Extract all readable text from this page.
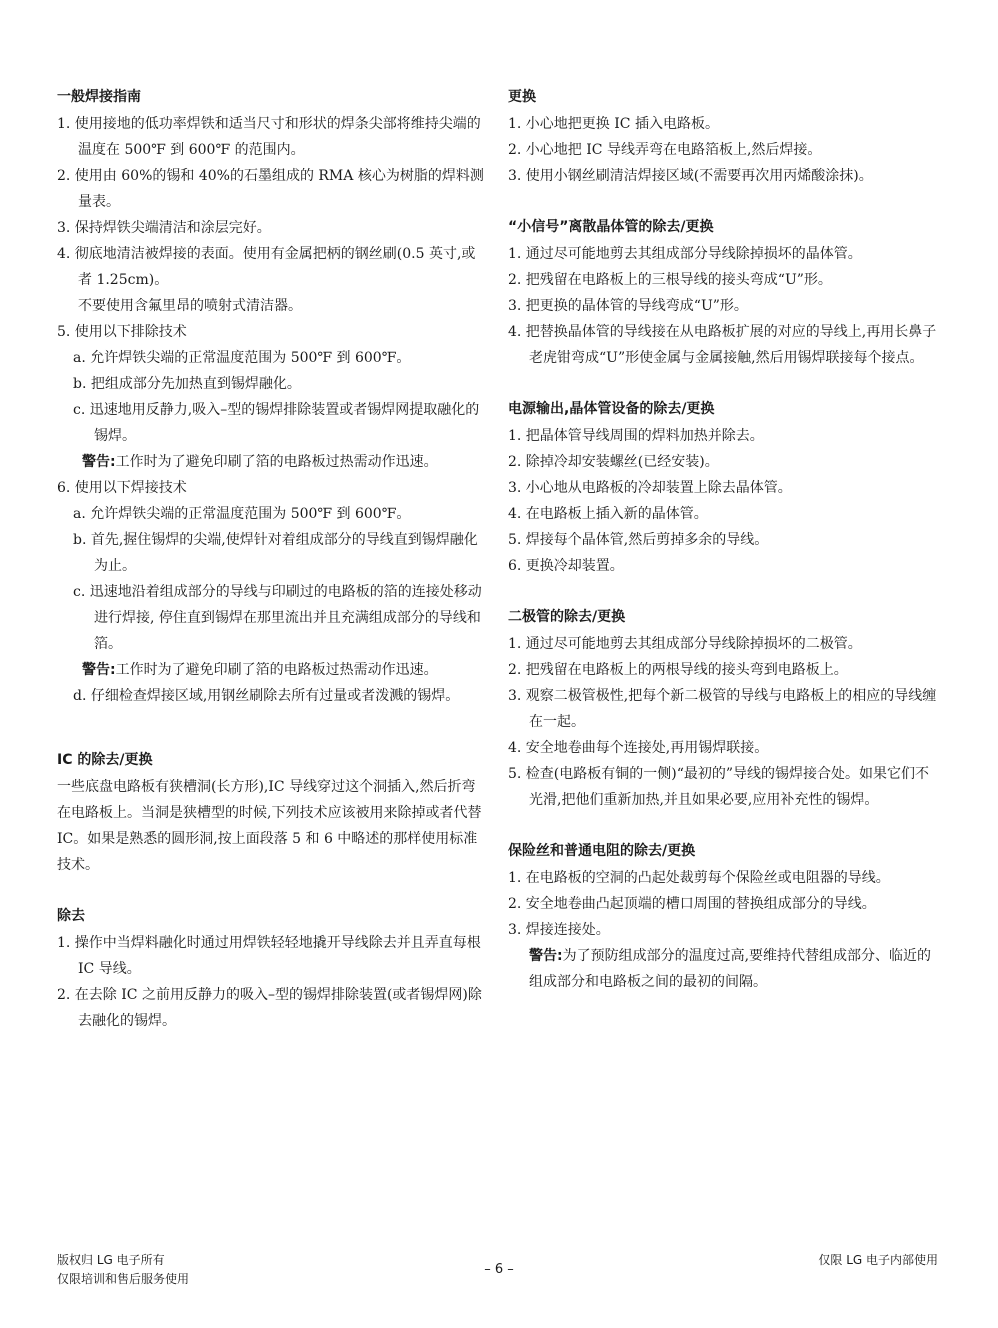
一般焊接指南

1. 使用接地的低功率焊铁和适当尺寸和形状的焊条尖部将维持尖端的温度在 500℉ 到 600℉ 的范围内。

2. 使用由 60%的锡和 40%的石墨组成的 RMA 核心为树脂的焊料测量表。

3. 保持焊铁尖端清洁和涂层完好。

4. 彻底地清洁被焊接的表面。使用有金属把柄的钢丝刷(0.5 英寸,或者 1.25cm)。

不要使用含氟里昂的喷射式清洁器。

5. 使用以下排除技术

a. 允许焊铁尖端的正常温度范围为 500℉ 到 600℉。

b. 把组成部分先加热直到锡焊融化。

c. 迅速地用反静力,吸入–型的锡焊排除装置或者锡焊网提取融化的锡焊。

警告:工作时为了避免印刷了箔的电路板过热需动作迅速。

6. 使用以下焊接技术

a. 允许焊铁尖端的正常温度范围为 500℉ 到 600℉。

b. 首先,握住锡焊的尖端,使焊针对着组成部分的导线直到锡焊融化为止。

c. 迅速地沿着组成部分的导线与印刷过的电路板的箔的连接处移动进行焊接, 停住直到锡焊在那里流出并且充满组成部分的导线和箔。

警告:工作时为了避免印刷了箔的电路板过热需动作迅速。

d. 仔细检查焊接区域,用钢丝刷除去所有过量或者泼溅的锡焊。

IC 的除去/更换

一些底盘电路板有狭槽洞(长方形),IC 导线穿过这个洞插入,然后折弯在电路板上。当洞是狭槽型的时候,下列技术应该被用来除掉或者代替 IC。如果是熟悉的圆形洞,按上面段落 5 和 6 中略述的那样使用标准技术。

除去

1. 操作中当焊料融化时通过用焊铁轻轻地撬开导线除去并且弄直每根 IC 导线。

2. 在去除 IC 之前用反静力的吸入–型的锡焊排除装置(或者锡焊网)除去融化的锡焊。

更换

1. 小心地把更换 IC 插入电路板。

2. 小心地把 IC 导线弄弯在电路箔板上,然后焊接。

3. 使用小钢丝刷清洁焊接区域(不需要再次用丙烯酸涂抹)。

“小信号”离散晶体管的除去/更换

1. 通过尽可能地剪去其组成部分导线除掉损坏的晶体管。

2. 把残留在电路板上的三根导线的接头弯成“U”形。

3. 把更换的晶体管的导线弯成“U”形。

4. 把替换晶体管的导线接在从电路板扩展的对应的导线上,再用长鼻子老虎钳弯成“U”形使金属与金属接触,然后用锡焊联接每个接点。

电源输出,晶体管设备的除去/更换

1. 把晶体管导线周围的焊料加热并除去。

2. 除掉冷却安装螺丝(已经安装)。

3. 小心地从电路板的冷却装置上除去晶体管。

4. 在电路板上插入新的晶体管。

5. 焊接每个晶体管,然后剪掉多余的导线。

6. 更换冷却装置。

二极管的除去/更换

1. 通过尽可能地剪去其组成部分导线除掉损坏的二极管。

2. 把残留在电路板上的两根导线的接头弯到电路板上。

3. 观察二极管极性,把每个新二极管的导线与电路板上的相应的导线缠在一起。

4. 安全地卷曲每个连接处,再用锡焊联接。

5. 检查(电路板有铜的一侧)“最初的”导线的锡焊接合处。如果它们不光滑,把他们重新加热,并且如果必要,应用补充性的锡焊。

保险丝和普通电阻的除去/更换

1. 在电路板的空洞的凸起处裁剪每个保险丝或电阻器的导线。

2. 安全地卷曲凸起顶端的槽口周围的替换组成部分的导线。

3. 焊接连接处。

警告:为了预防组成部分的温度过高,要维持代替组成部分、临近的组成部分和电路板之间的最初的间隔。

版权归 LG 电子所有
仅限培训和售后服务使用
– 6 –
仅限 LG 电子内部使用
